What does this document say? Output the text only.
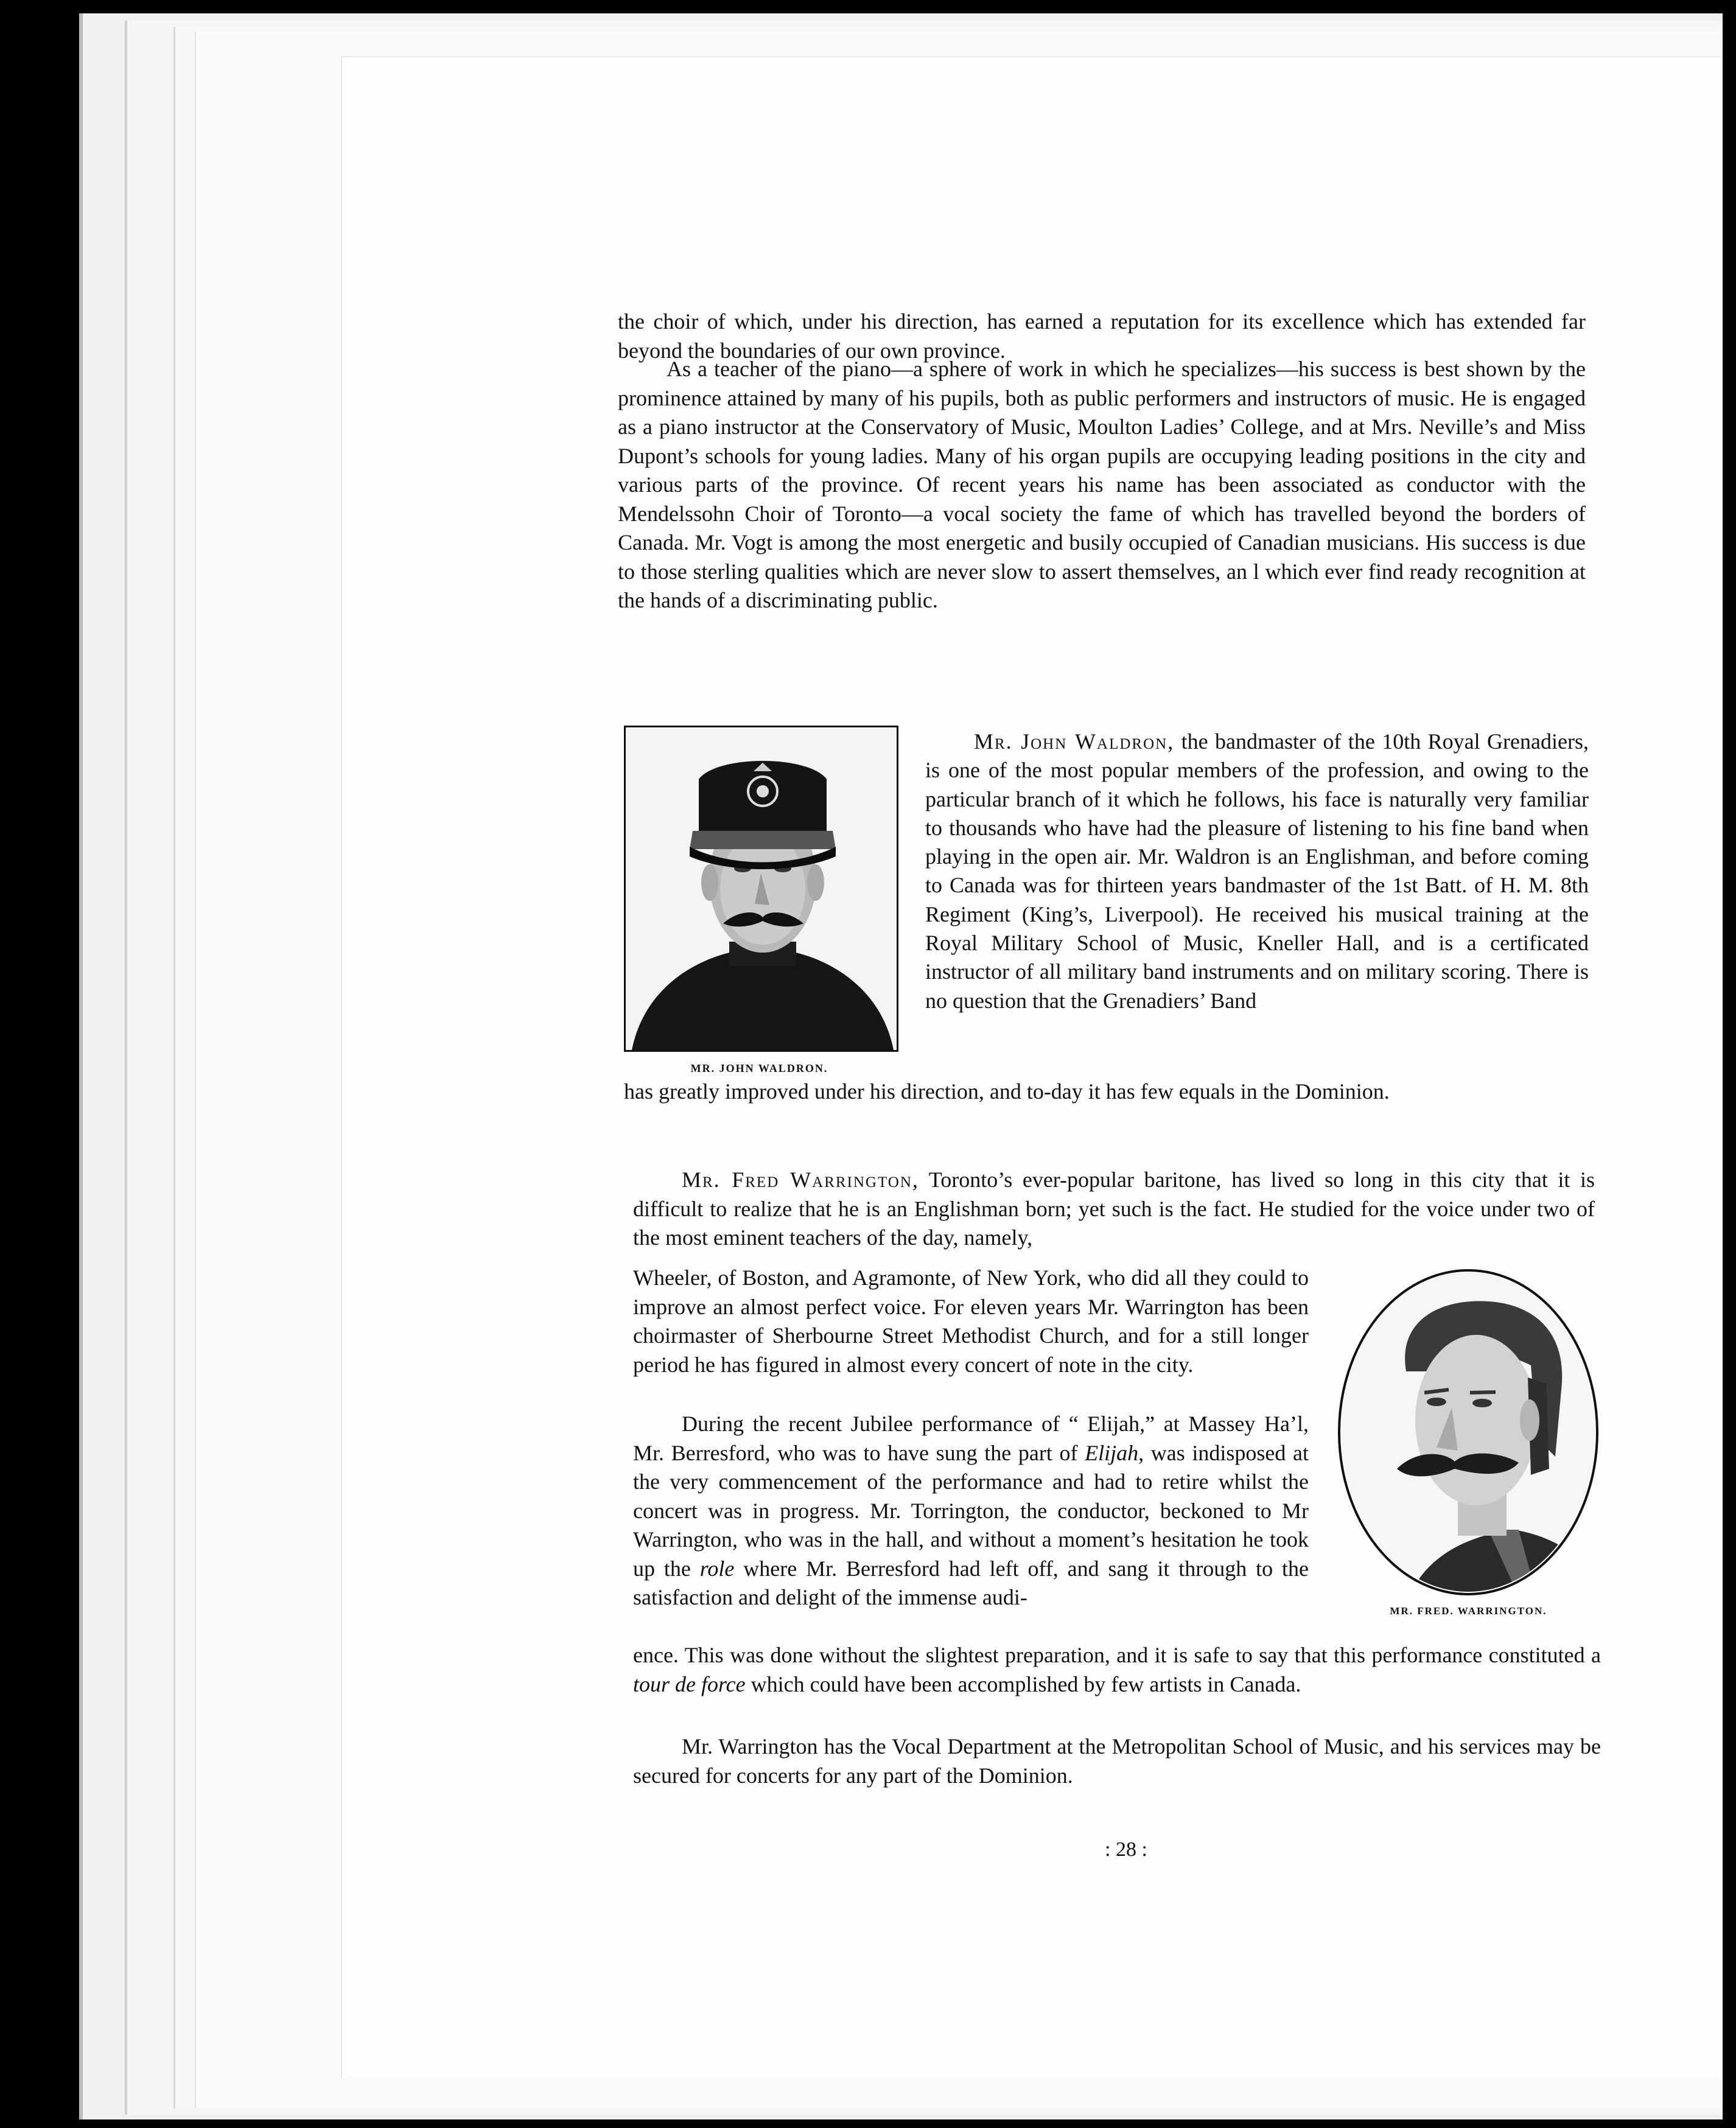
the choir of which, under his direction, has earned a reputation for its excellence which has extended far beyond the boundaries of our own province.

As a teacher of the piano—a sphere of work in which he specializes—his success is best shown by the prominence attained by many of his pupils, both as public performers and instructors of music. He is engaged as a piano instructor at the Conservatory of Music, Moulton Ladies’ College, and at Mrs. Neville’s and Miss Dupont’s schools for young ladies. Many of his organ pupils are occupying leading positions in the city and various parts of the province. Of recent years his name has been associated as conductor with the Mendelssohn Choir of Toronto—a vocal society the fame of which has travelled beyond the borders of Canada. Mr. Vogt is among the most energetic and busily occupied of Canadian musicians. His success is due to those sterling qualities which are never slow to assert themselves, an l which ever find ready recognition at the hands of a discriminating public.

MR. JOHN WALDRON.

Mr. John Waldron, the bandmaster of the 10th Royal Grenadiers, is one of the most popular members of the profession, and owing to the particular branch of it which he follows, his face is naturally very familiar to thousands who have had the pleasure of listening to his fine band when playing in the open air. Mr. Waldron is an Englishman, and before coming to Canada was for thirteen years bandmaster of the 1st Batt. of H. M. 8th Regiment (King’s, Liverpool). He received his musical training at the Royal Military School of Music, Kneller Hall, and is a certificated instructor of all military band instruments and on military scoring. There is no question that the Grenadiers’ Band

has greatly improved under his direction, and to-day it has few equals in the Dominion.

Mr. Fred Warrington, Toronto’s ever-popular baritone, has lived so long in this city that it is difficult to realize that he is an Englishman born; yet such is the fact. He studied for the voice under two of the most eminent teachers of the day, namely,

Wheeler, of Boston, and Agramonte, of New York, who did all they could to improve an almost perfect voice. For eleven years Mr. Warrington has been choirmaster of Sherbourne Street Methodist Church, and for a still longer period he has figured in almost every concert of note in the city.

During the recent Jubilee performance of “ Elijah,” at Massey Ha’l, Mr. Berresford, who was to have sung the part of Elijah, was indisposed at the very commencement of the performance and had to retire whilst the concert was in progress. Mr. Torrington, the conductor, beckoned to Mr Warrington, who was in the hall, and without a moment’s hesitation he took up the role where Mr. Berresford had left off, and sang it through to the satisfaction and delight of the immense audi-

MR. FRED. WARRINGTON.

ence. This was done without the slightest preparation, and it is safe to say that this performance constituted a tour de force which could have been accomplished by few artists in Canada.

Mr. Warrington has the Vocal Department at the Metropolitan School of Music, and his services may be secured for concerts for any part of the Dominion.

: 28 :
